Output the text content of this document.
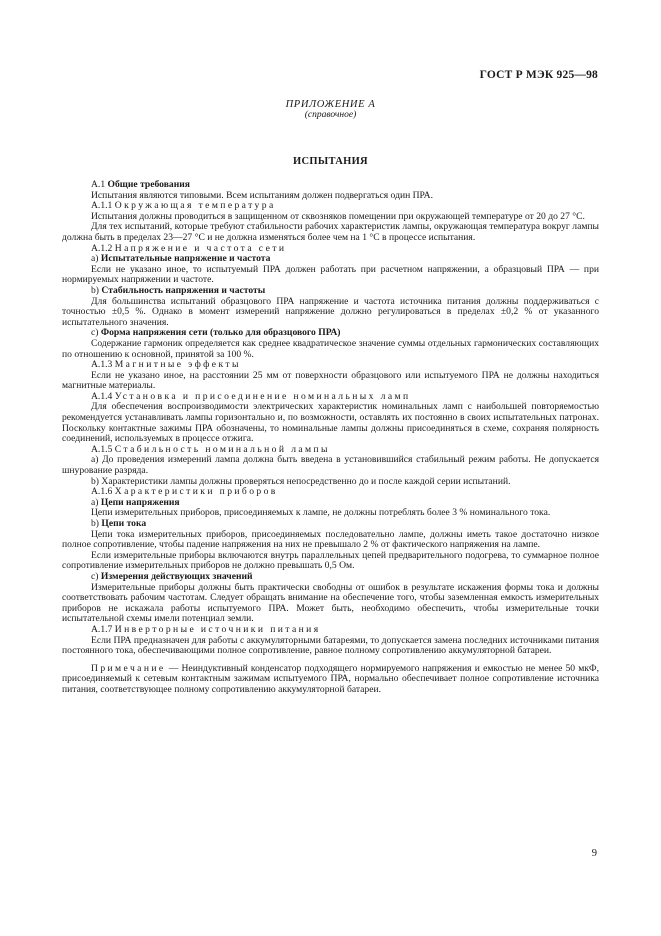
ГОСТ Р МЭК 925—98
ПРИЛОЖЕНИЕ А
(справочное)
ИСПЫТАНИЯ

А.1 Общие требования

Испытания являются типовыми. Всем испытаниям должен подвергаться один ПРА.

А.1.1 Окружающая температура

Испытания должны проводиться в защищенном от сквозняков помещении при окружающей температуре от 20 до 27 °С.

Для тех испытаний, которые требуют стабильности рабочих характеристик лампы, окружающая температура вокруг лампы должна быть в пределах 23—27 °С и не должна изменяться более чем на 1 °С в процессе испытания.

А.1.2 Напряжение и частота сети

а) Испытательные напряжение и частота

Если не указано иное, то испытуемый ПРА должен работать при расчетном напряжении, а образцовый ПРА — при нормируемых напряжении и частоте.

b) Стабильность напряжения и частоты

Для большинства испытаний образцового ПРА напряжение и частота источника питания должны поддерживаться с точностью ±0,5 %. Однако в момент измерений напряжение должно регулироваться в пределах ±0,2 % от указанного испытательного значения.

с) Форма напряжения сети (только для образцового ПРА)

Содержание гармоник определяется как среднее квадратическое значение суммы отдельных гармонических составляющих по отношению к основной, принятой за 100 %.

А.1.3 Магнитные эффекты

Если не указано иное, на расстоянии 25 мм от поверхности образцового или испытуемого ПРА не должны находиться магнитные материалы.

А.1.4 Установка и присоединение номинальных ламп

Для обеспечения воспроизводимости электрических характеристик номинальных ламп с наибольшей повторяемостью рекомендуется устанавливать лампы горизонтально и, по возможности, оставлять их постоянно в своих испытательных патронах. Поскольку контактные зажимы ПРА обозначены, то номинальные лампы должны присоединяться в схеме, сохраняя полярность соединений, используемых в процессе отжига.

А.1.5 Стабильность номинальной лампы

а) До проведения измерений лампа должна быть введена в установившийся стабильный режим работы. Не допускается шнурование разряда.

b) Характеристики лампы должны проверяться непосредственно до и после каждой серии испытаний.

А.1.6 Характеристики приборов

а) Цепи напряжения

Цепи измерительных приборов, присоединяемых к лампе, не должны потреблять более 3 % номинального тока.

b) Цепи тока

Цепи тока измерительных приборов, присоединяемых последовательно лампе, должны иметь такое достаточно низкое полное сопротивление, чтобы падение напряжения на них не превышало 2 % от фактического напряжения на лампе.

Если измерительные приборы включаются внутрь параллельных цепей предварительного подогрева, то суммарное полное сопротивление измерительных приборов не должно превышать 0,5 Ом.

с) Измерения действующих значений

Измерительные приборы должны быть практически свободны от ошибок в результате искажения формы тока и должны соответствовать рабочим частотам. Следует обращать внимание на обеспечение того, чтобы заземленная емкость измерительных приборов не искажала работы испытуемого ПРА. Может быть, необходимо обеспечить, чтобы измерительные точки испытательной схемы имели потенциал земли.

А.1.7 Инверторные источники питания

Если ПРА предназначен для работы с аккумуляторными батареями, то допускается замена последних источниками питания постоянного тока, обеспечивающими полное сопротивление, равное полному сопротивлению аккумуляторной батареи.

Примечание — Неиндуктивный конденсатор подходящего нормируемого напряжения и емкостью не менее 50 мкФ, присоединяемый к сетевым контактным зажимам испытуемого ПРА, нормально обеспечивает полное сопротивление источника питания, соответствующее полному сопротивлению аккумуляторной батареи.

9
